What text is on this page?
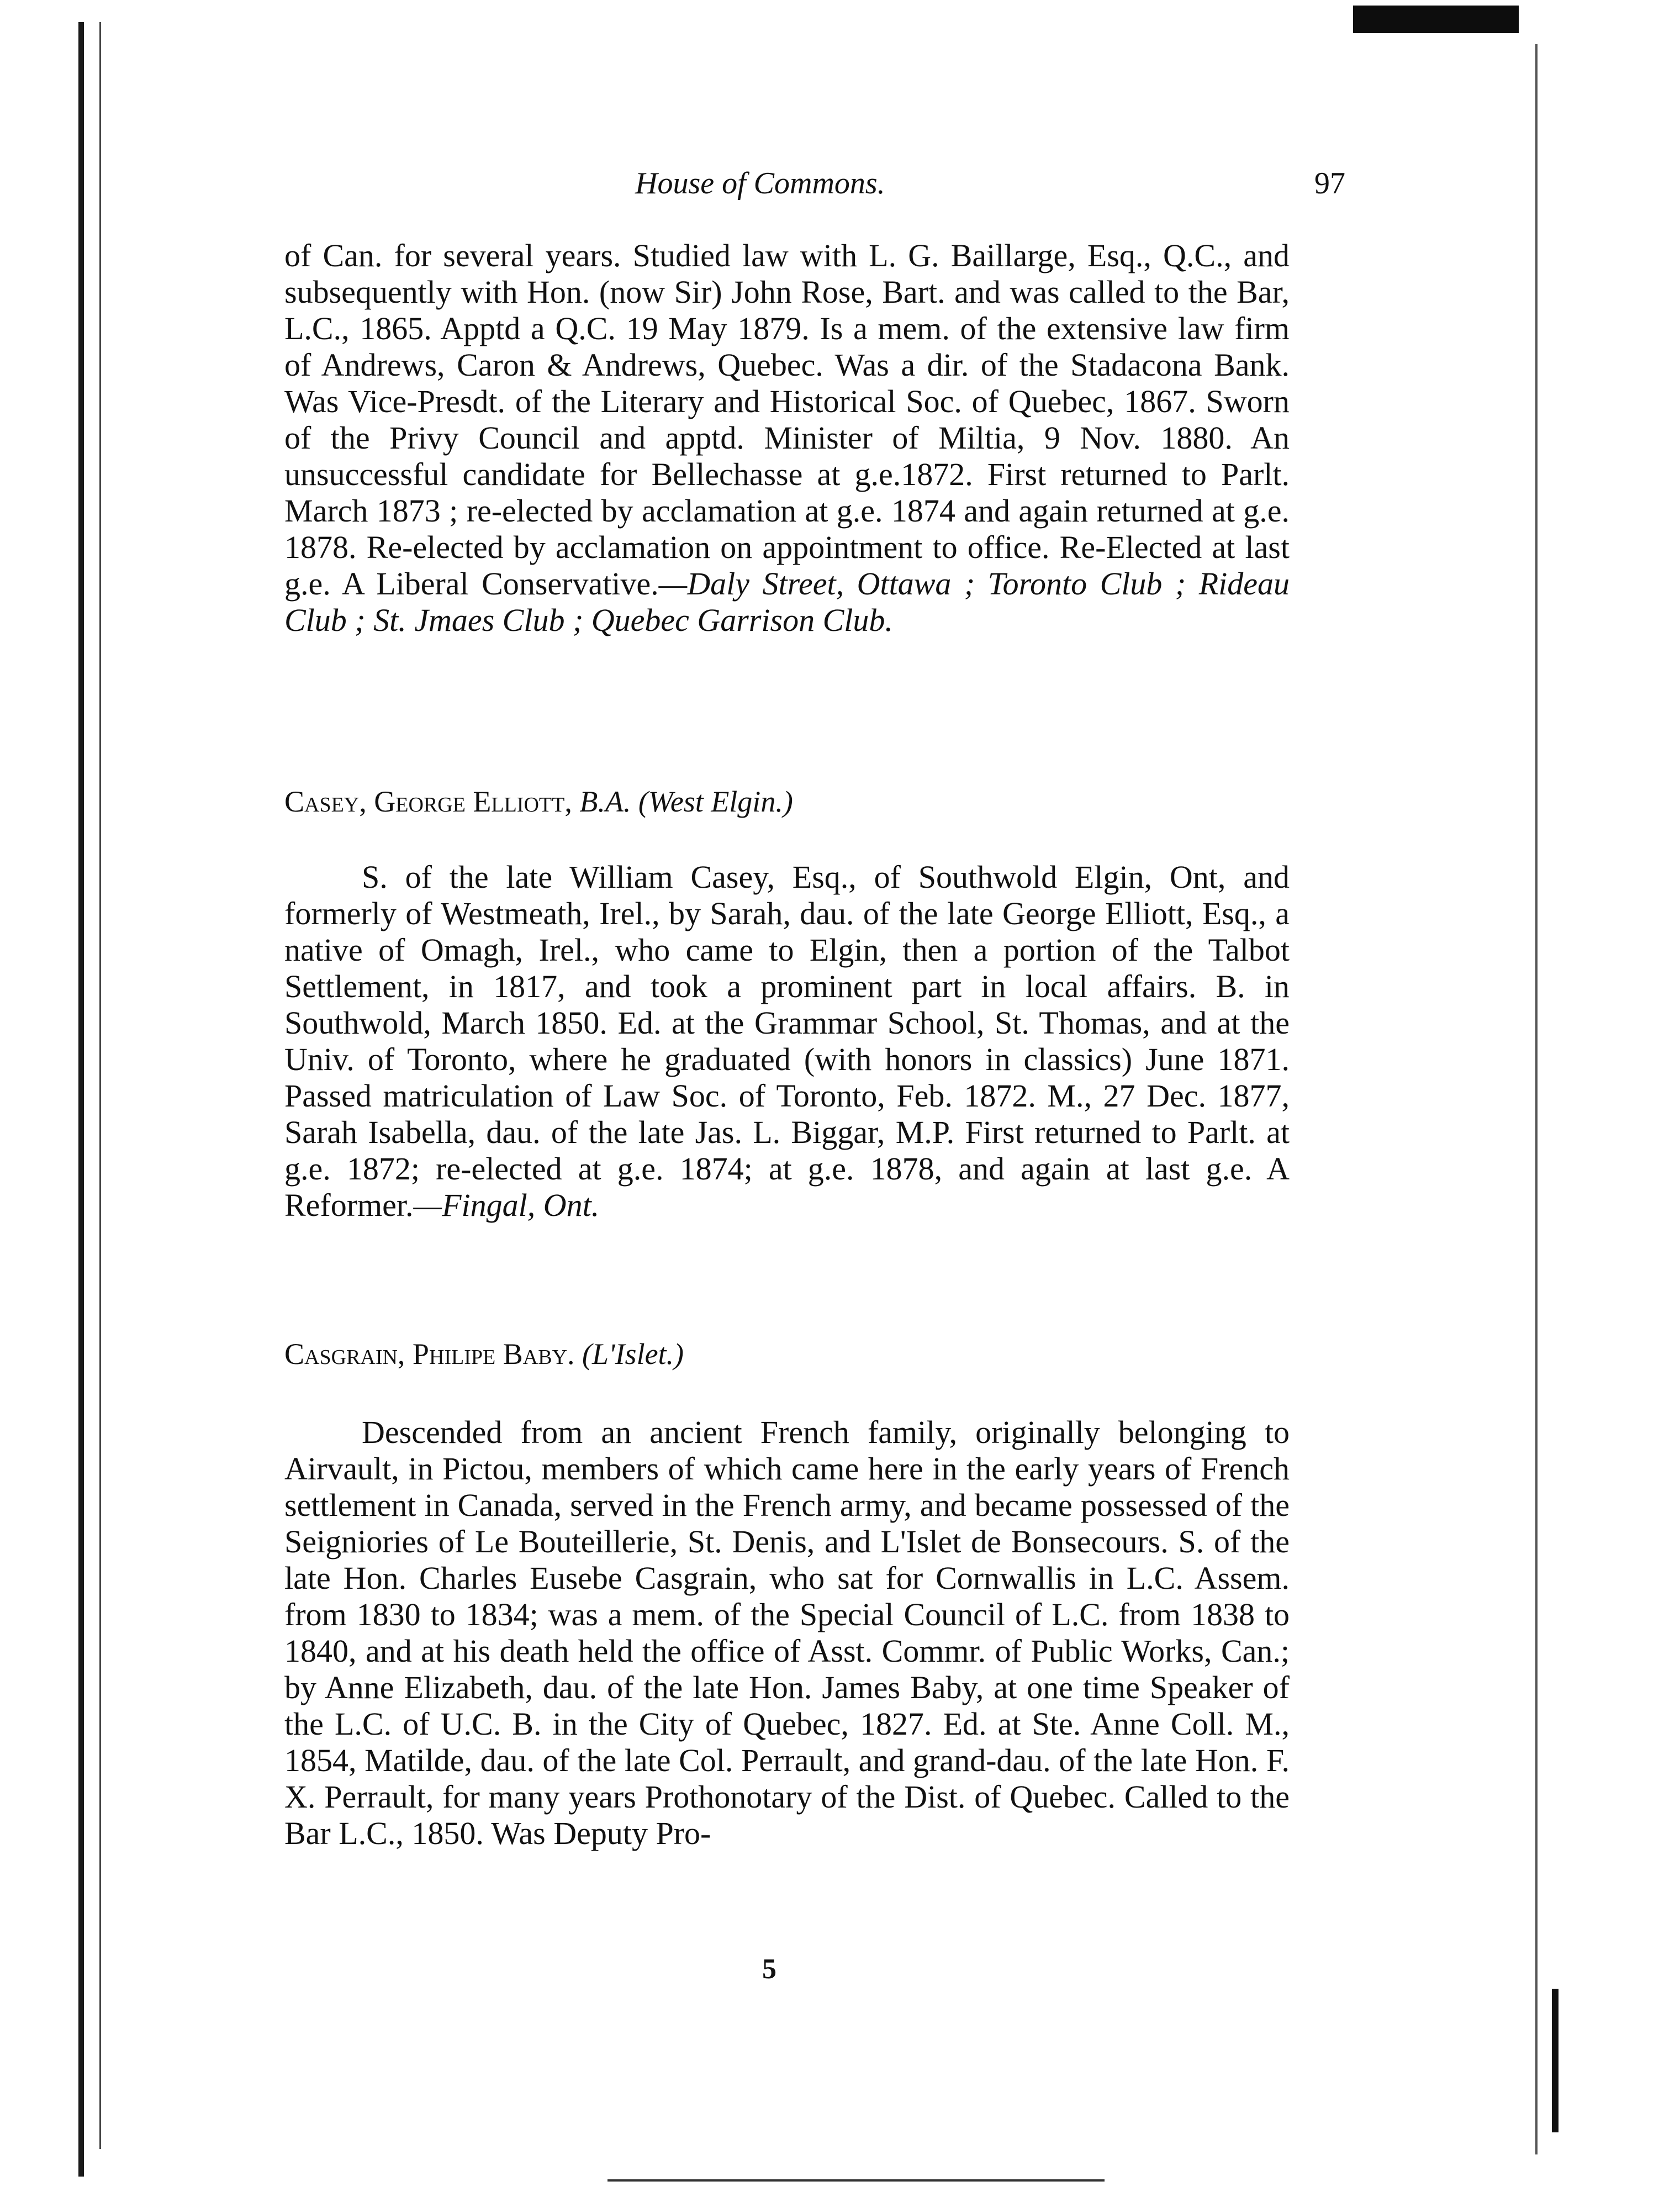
House of Commons.	97
of Can. for several years. Studied law with L. G. Baillarge, Esq., Q.C., and subsequently with Hon. (now Sir) John Rose, Bart. and was called to the Bar, L.C., 1865. Apptd a Q.C. 19 May 1879. Is a mem. of the extensive law firm of Andrews, Caron & Andrews, Quebec. Was a dir. of the Stadacona Bank. Was Vice-Presdt. of the Literary and Historical Soc. of Quebec, 1867. Sworn of the Privy Council and apptd. Minister of Miltia, 9 Nov. 1880. An unsuccessful candidate for Bellechasse at g.e.1872. First returned to Parlt. March 1873 ; re-elected by acclamation at g.e. 1874 and again returned at g.e. 1878. Re-elected by acclamation on appointment to office. Re-Elected at last g.e. A Liberal Conservative.—Daly Street, Ottawa ; Toronto Club ; Rideau Club ; St. Jmaes Club ; Quebec Garrison Club.
Casey, George Elliott, B.A. (West Elgin.)
S. of the late William Casey, Esq., of Southwold Elgin, Ont, and formerly of Westmeath, Irel., by Sarah, dau. of the late George Elliott, Esq., a native of Omagh, Irel., who came to Elgin, then a portion of the Talbot Settlement, in 1817, and took a prominent part in local affairs. B. in Southwold, March 1850. Ed. at the Grammar School, St. Thomas, and at the Univ. of Toronto, where he graduated (with honors in classics) June 1871. Passed matriculation of Law Soc. of Toronto, Feb. 1872. M., 27 Dec. 1877, Sarah Isabella, dau. of the late Jas. L. Biggar, M.P. First returned to Parlt. at g.e. 1872; re-elected at g.e. 1874; at g.e. 1878, and again at last g.e. A Reformer.—Fingal, Ont.
Casgrain, Philipe Baby. (L'Islet.)
Descended from an ancient French family, originally belonging to Airvault, in Pictou, members of which came here in the early years of French settlement in Canada, served in the French army, and became possessed of the Seigniories of Le Bouteillerie, St. Denis, and L'Islet de Bonsecours. S. of the late Hon. Charles Eusebe Casgrain, who sat for Cornwallis in L.C. Assem. from 1830 to 1834; was a mem. of the Special Council of L.C. from 1838 to 1840, and at his death held the office of Asst. Commr. of Public Works, Can.; by Anne Elizabeth, dau. of the late Hon. James Baby, at one time Speaker of the L.C. of U.C. B. in the City of Quebec, 1827. Ed. at Ste. Anne Coll. M., 1854, Matilde, dau. of the late Col. Perrault, and grand-dau. of the late Hon. F. X. Perrault, for many years Prothonotary of the Dist. of Quebec. Called to the Bar L.C., 1850. Was Deputy Pro-
5
